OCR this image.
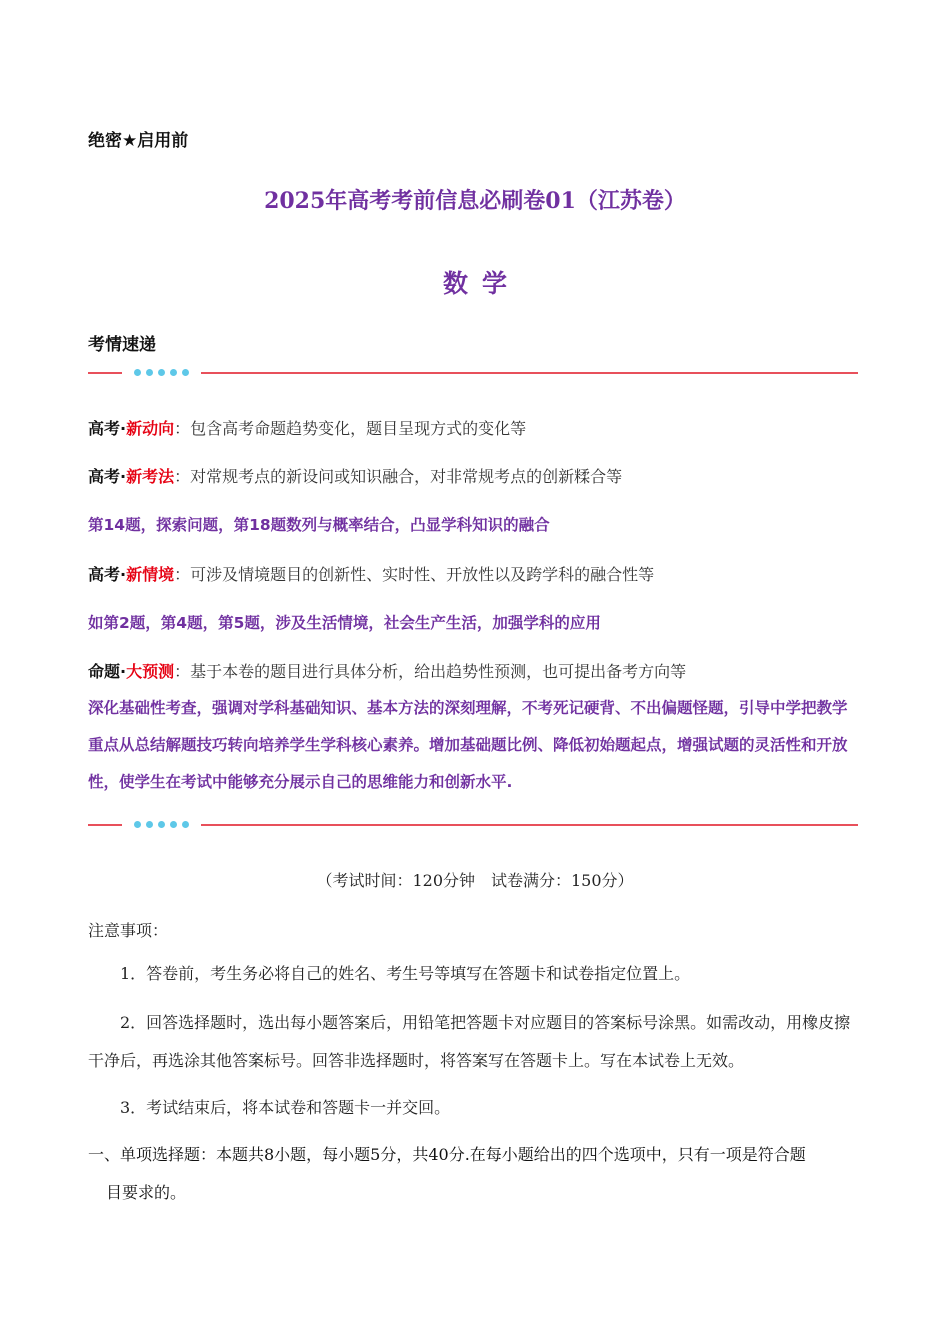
绝密★启用前
2025年高考考前信息必刷卷01（江苏卷）
数学
考情速递
高考·新动向：包含高考命题趋势变化，题目呈现方式的变化等
高考·新考法：对常规考点的新设问或知识融合，对非常规考点的创新糅合等
第14题，探索问题，第18题数列与概率结合，凸显学科知识的融合
高考·新情境：可涉及情境题目的创新性、实时性、开放性以及跨学科的融合性等
如第2题，第4题，第5题，涉及生活情境，社会生产生活，加强学科的应用
命题·大预测：基于本卷的题目进行具体分析，给出趋势性预测，也可提出备考方向等
深化基础性考查，强调对学科基础知识、基本方法的深刻理解，不考死记硬背、不出偏题怪题，引导中学把教学重点从总结解题技巧转向培养学生学科核心素养。增加基础题比例、降低初始题起点，增强试题的灵活性和开放性，使学生在考试中能够充分展示自己的思维能力和创新水平.
（考试时间：120分钟　试卷满分：150分）
注意事项：
1．答卷前，考生务必将自己的姓名、考生号等填写在答题卡和试卷指定位置上。
2．回答选择题时，选出每小题答案后，用铅笔把答题卡对应题目的答案标号涂黑。如需改动，用橡皮擦干净后，再选涂其他答案标号。回答非选择题时，将答案写在答题卡上。写在本试卷上无效。
3．考试结束后，将本试卷和答题卡一并交回。
一、单项选择题：本题共8小题，每小题5分，共40分.在每小题给出的四个选项中，只有一项是符合题
目要求的。
